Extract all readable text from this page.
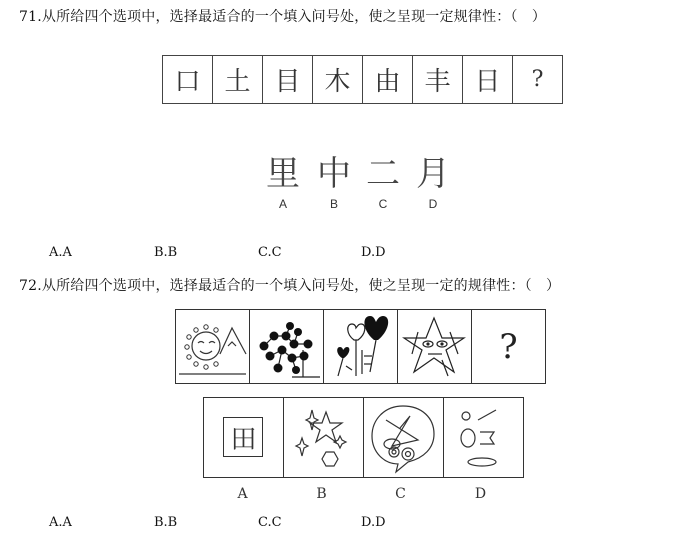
71.从所给四个选项中，选择最适合的一个填入问号处，使之呈现一定规律性：（　）
口 土 目 木 由 丰 日	?
里 中 二 月
A	B	C	D
A.A	B.B	C.C	D.D
72.从所给四个选项中，选择最适合的一个填入问号处，使之呈现一定的规律性：（　）
?
田
A	B	C	D
A.A	B.B	C.C	D.D
